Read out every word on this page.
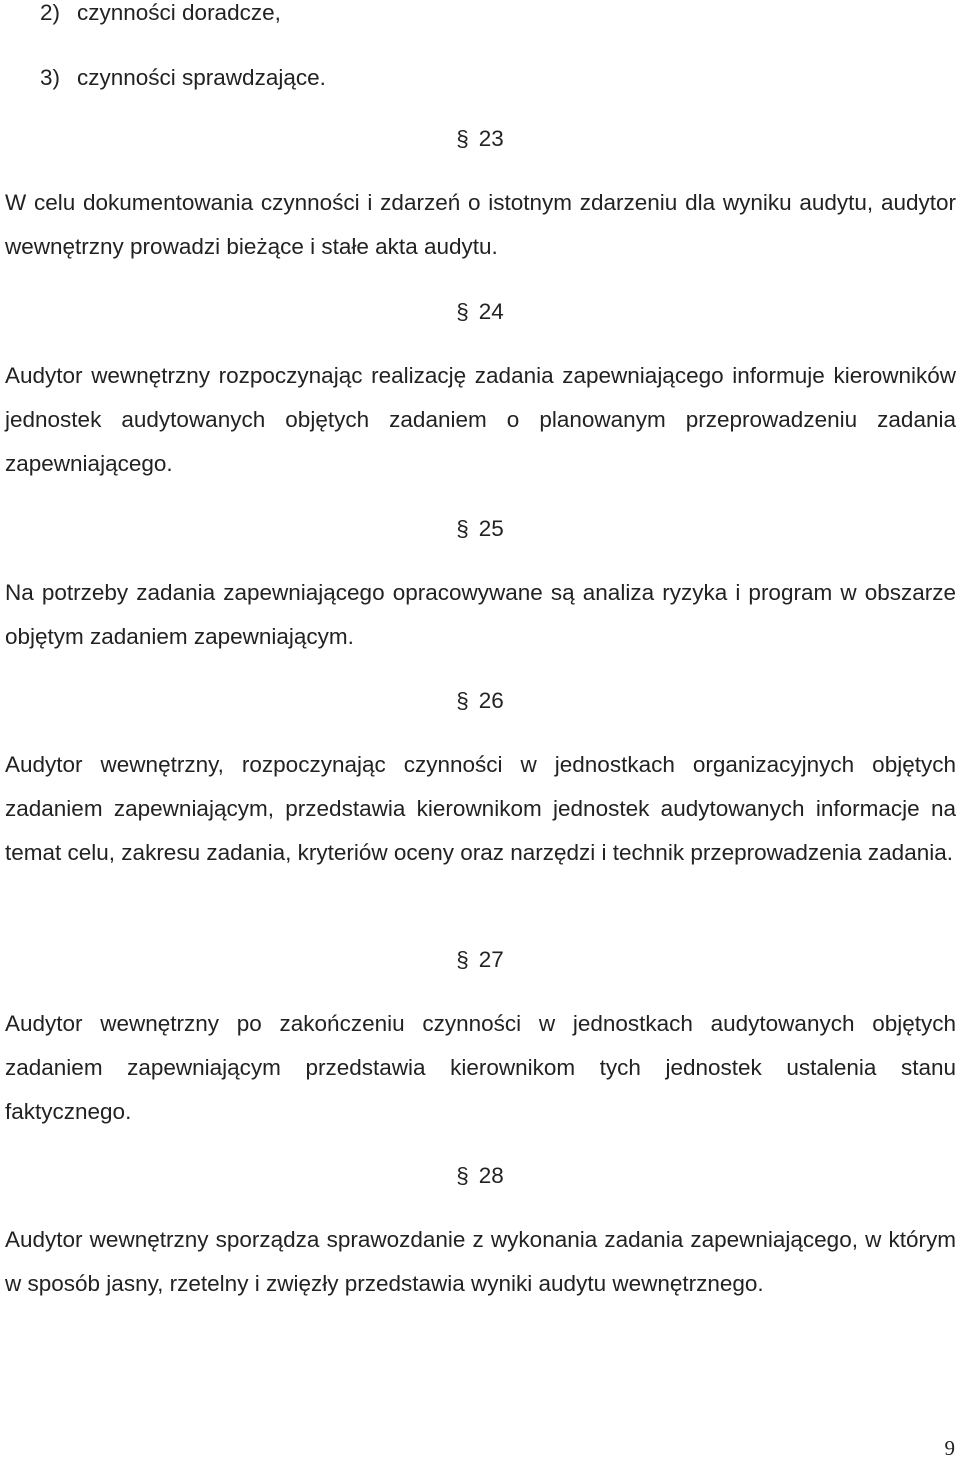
2) czynności doradcze,
3) czynności sprawdzające.
§ 23
W celu dokumentowania czynności i zdarzeń o istotnym zdarzeniu dla wyniku audytu, audytor wewnętrzny prowadzi bieżące i stałe akta audytu.
§ 24
Audytor wewnętrzny rozpoczynając realizację zadania zapewniającego informuje kierowników jednostek audytowanych objętych zadaniem o planowanym przeprowadzeniu zadania zapewniającego.
§ 25
Na potrzeby zadania zapewniającego opracowywane są analiza ryzyka i program w obszarze objętym zadaniem zapewniającym.
§ 26
Audytor wewnętrzny, rozpoczynając czynności w jednostkach organizacyjnych objętych zadaniem zapewniającym, przedstawia kierownikom jednostek audytowanych informacje na temat celu, zakresu zadania, kryteriów oceny oraz narzędzi i technik przeprowadzenia zadania.
§ 27
Audytor wewnętrzny po zakończeniu czynności w jednostkach audytowanych objętych zadaniem zapewniającym przedstawia kierownikom tych jednostek ustalenia stanu faktycznego.
§ 28
Audytor wewnętrzny sporządza sprawozdanie z wykonania zadania zapewniającego, w którym w sposób jasny, rzetelny i zwięzły przedstawia wyniki audytu wewnętrznego.
9
